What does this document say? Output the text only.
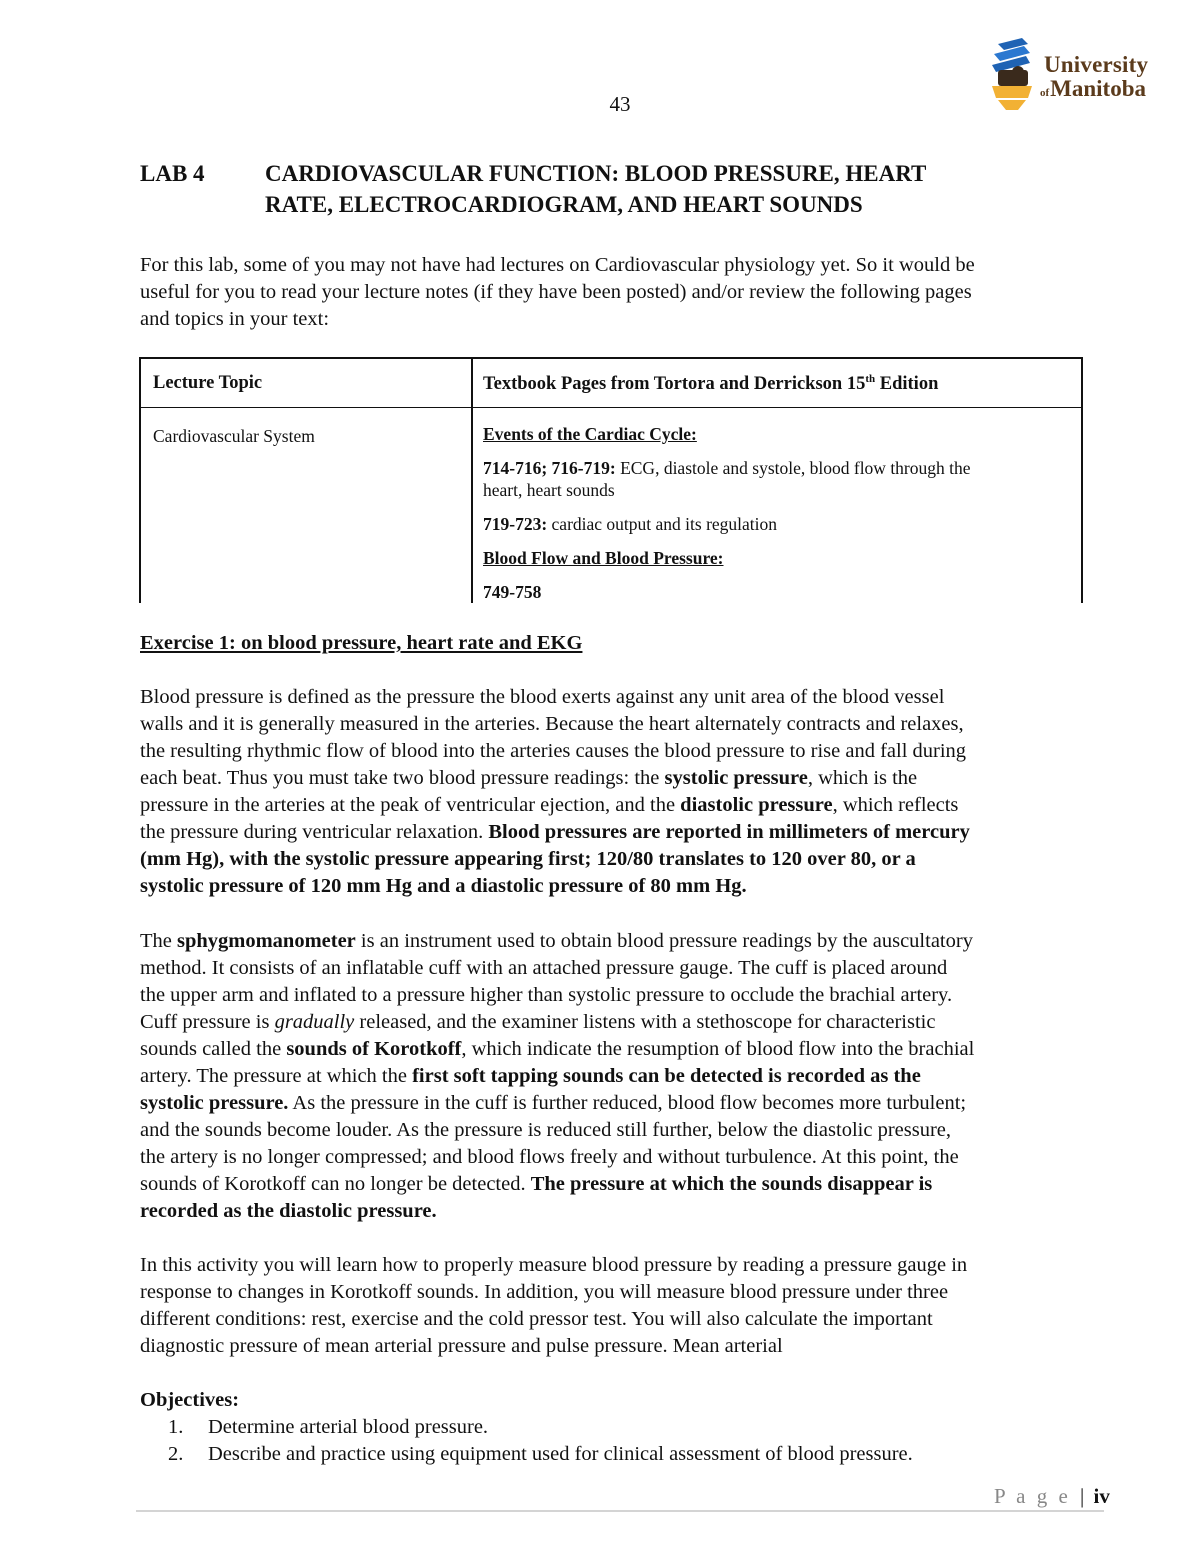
43
University
ofManitoba
LAB 4	CARDIOVASCULAR FUNCTION: BLOOD PRESSURE, HEART
RATE, ELECTROCARDIOGRAM, AND HEART SOUNDS
For this lab, some of you may not have had lectures on Cardiovascular physiology yet. So it would be
useful for you to read your lecture notes (if they have been posted) and/or review the following pages
and topics in your text:
Lecture Topic	Textbook Pages from Tortora and Derrickson 15th Edition
Cardiovascular System	Events of the Cardiac Cycle:
714-716; 716-719: ECG, diastole and systole, blood flow through the
heart, heart sounds
719-723: cardiac output and its regulation
Blood Flow and Blood Pressure:
749-758
Exercise 1: on blood pressure, heart rate and EKG
Blood pressure is defined as the pressure the blood exerts against any unit area of the blood vessel
walls and it is generally measured in the arteries. Because the heart alternately contracts and relaxes,
the resulting rhythmic flow of blood into the arteries causes the blood pressure to rise and fall during
each beat. Thus you must take two blood pressure readings: the systolic pressure, which is the
pressure in the arteries at the peak of ventricular ejection, and the diastolic pressure, which reflects
the pressure during ventricular relaxation. Blood pressures are reported in millimeters of mercury
(mm Hg), with the systolic pressure appearing first; 120/80 translates to 120 over 80, or a
systolic pressure of 120 mm Hg and a diastolic pressure of 80 mm Hg.
The sphygmomanometer is an instrument used to obtain blood pressure readings by the auscultatory
method. It consists of an inflatable cuff with an attached pressure gauge. The cuff is placed around
the upper arm and inflated to a pressure higher than systolic pressure to occlude the brachial artery.
Cuff pressure is gradually released, and the examiner listens with a stethoscope for characteristic
sounds called the sounds of Korotkoff, which indicate the resumption of blood flow into the brachial
artery. The pressure at which the first soft tapping sounds can be detected is recorded as the
systolic pressure. As the pressure in the cuff is further reduced, blood flow becomes more turbulent;
and the sounds become louder. As the pressure is reduced still further, below the diastolic pressure,
the artery is no longer compressed; and blood flows freely and without turbulence. At this point, the
sounds of Korotkoff can no longer be detected. The pressure at which the sounds disappear is
recorded as the diastolic pressure.
In this activity you will learn how to properly measure blood pressure by reading a pressure gauge in
response to changes in Korotkoff sounds. In addition, you will measure blood pressure under three
different conditions: rest, exercise and the cold pressor test. You will also calculate the important
diagnostic pressure of mean arterial pressure and pulse pressure. Mean arterial
Objectives:
1. Determine arterial blood pressure.
2. Describe and practice using equipment used for clinical assessment of blood pressure.
P a g e | iv
